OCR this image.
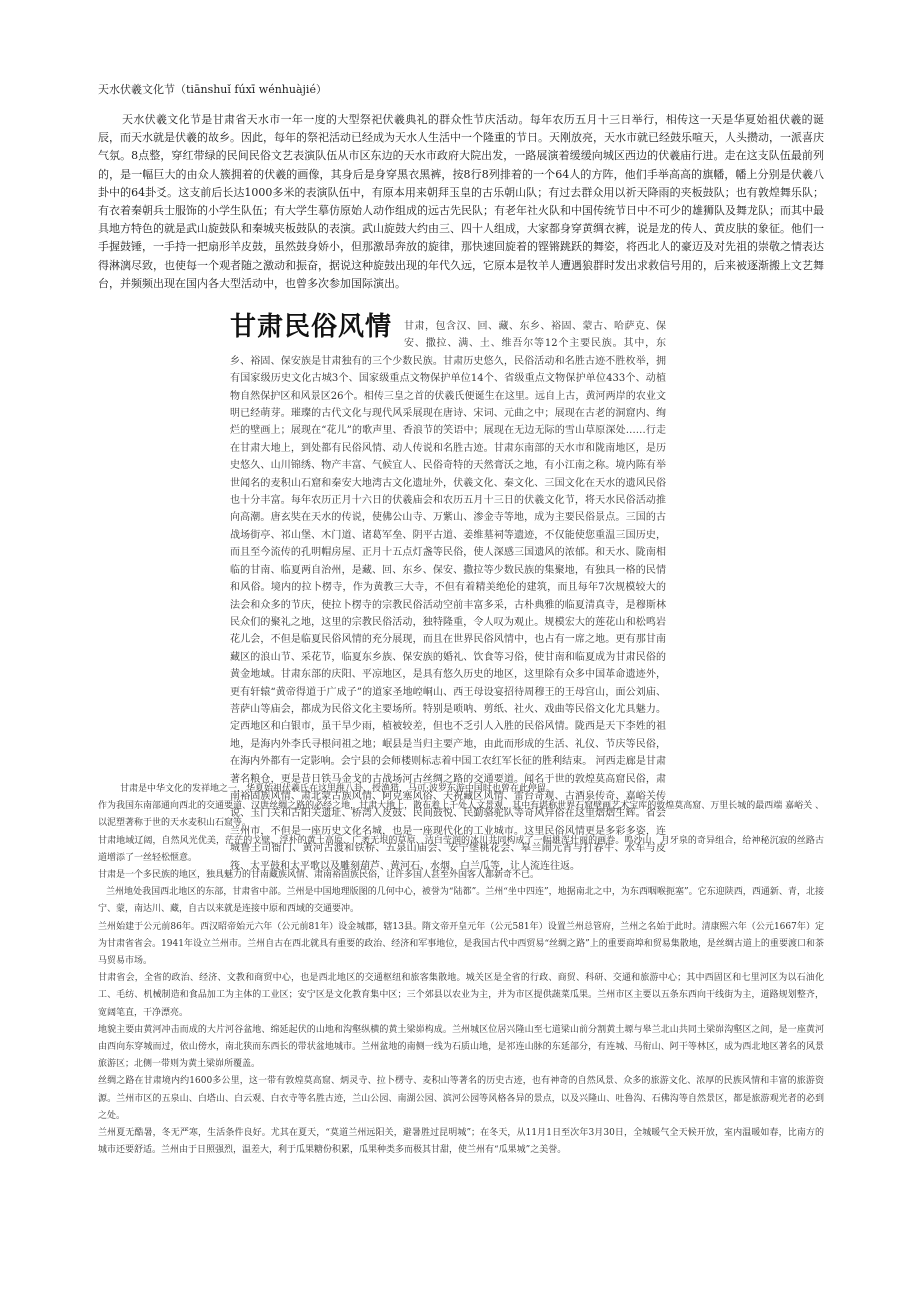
天水伏羲文化节（tiānshuǐ fúxī wénhuàjié）

天水伏羲文化节是甘肃省天水市一年一度的大型祭祀伏羲典礼的群众性节庆活动。每年农历五月十三日举行，相传这一天是华夏始祖伏羲的诞辰，而天水就是伏羲的故乡。因此，每年的祭祀活动已经成为天水人生活中一个隆重的节日。天刚放亮，天水市就已经鼓乐喧天，人头攒动，一派喜庆气氛。8点整，穿红带绿的民间民俗文艺表演队伍从市区东边的天水市政府大院出发，一路展演着缓缓向城区西边的伏羲庙行进。走在这支队伍最前列的，是一幅巨大的由众人簇拥着的伏羲的画像，其身后是身穿黑衣黑裤，按8行8列排着的一个64人的方阵，他们手举高高的旗幡，幡上分别是伏羲八卦中的64卦爻。这支前后长达1000多米的表演队伍中，有原本用来朝拜玉皇的古乐朝山队；有过去群众用以祈天降雨的夹板鼓队；也有敦煌舞乐队；有衣着秦朝兵士服饰的小学生队伍；有大学生摹仿原始人动作组成的远古先民队；有老年社火队和中国传统节日中不可少的雄狮队及舞龙队；而其中最具地方特色的就是武山旋鼓队和秦城夹板鼓队的表演。武山旋鼓大约由三、四十人组成，大家都身穿黄绸衣裤，说是龙的传人、黄皮肤的象征。他们一手握鼓锤，一手持一把扇形羊皮鼓，虽然鼓身娇小，但那激昂奔放的旋律，那快速回旋着的铿锵跳跃的舞姿，将西北人的豪迈及对先祖的崇敬之情表达得淋漓尽致，也使每一个观者随之激动和振奋，据说这种旋鼓出现的年代久远，它原本是牧羊人遭遇狼群时发出求救信号用的，后来被逐渐搬上文艺舞台，并频频出现在国内各大型活动中，也曾多次参加国际演出。

甘肃民俗风情	甘肃，包含汉、回、藏、东乡、裕固、蒙古、哈萨克、保安、撒拉、满、土、维吾尔等12个主要民族。其中，东乡、裕固、保安族是甘肃独有的三个少数民族。甘肃历史悠久，民俗活动和名胜古迹不胜枚举，拥有国家级历史文化古城3个、国家级重点文物保护单位14个、省级重点文物保护单位433个、动植物自然保护区和风景区26个。相传三皇之首的伏羲氏便诞生在这里。远自上古，黄河两岸的农业文明已经萌芽。璀璨的古代文化与现代风采展现在唐诗、宋词、元曲之中；展现在古老的洞窟内、绚烂的壁画上；展现在“花儿”的歌声里、香浪节的笑语中；展现在无边无际的雪山草原深处……行走在甘肃大地上，到处都有民俗风情、动人传说和名胜古迹。甘肃东南部的天水市和陇南地区，是历史悠久、山川锦绣、物产丰富、气候宜人、民俗奇特的天然膏沃之地，有小江南之称。境内陈有举世闻名的麦积山石窟和秦安大地湾古文化遗址外，伏羲文化、秦文化、三国文化在天水的遗风民俗也十分丰富。每年农历正月十六日的伏羲庙会和农历五月十三日的伏羲文化节，将天水民俗活动推向高潮。唐玄奘在天水的传说，使佛公山寺、万紫山、渗金寺等地，成为主要民俗景点。三国的古战场街亭、祁山堡、木门道、诸葛军垒、阴平古道、姜维墓祠等遗迹，不仅能使您重温三国历史，而且至今流传的孔明帽房屋、正月十五点灯盏等民俗，使人深感三国遗风的浓郁。和天水、陇南相临的甘南、临夏两自治州，是藏、回、东乡、保安、撒拉等少数民族的集聚地，有独具一格的民情和风俗。境内的拉卜楞寺，作为黄教三大寺，不但有着精美绝伦的建筑，而且每年7次规模较大的法会和众多的节庆，使拉卜楞寺的宗教民俗活动空前丰富多采，古朴典雅的临夏清真寺，是穆斯林民众们的聚礼之地，这里的宗教民俗活动，独特隆重，令人叹为观止。规模宏大的莲花山和松鸣岩花儿会，不但是临夏民俗风情的充分展现，而且在世界民俗风情中，也占有一席之地。更有那甘南藏区的浪山节、采花节，临夏东乡族、保安族的婚礼、饮食等习俗，使甘南和临夏成为甘肃民俗的黄金地域。甘肃东部的庆阳、平凉地区，是具有悠久历史的地区，这里除有众多中国革命遗迹外，更有轩辕“黄帝得道于广成子”的道家圣地崆峒山、西王母设宴招待周穆王的王母宫山，面公刘庙、菩萨山等庙会，都成为民俗文化主要场所。特别是唢呐、剪纸、社火、戏曲等民俗文化尤具魅力。定西地区和白银市，虽干旱少雨，植被较差，但也不乏引人入胜的民俗风情。陇西是天下李姓的祖地，是海内外李氏寻根问祖之地；岷县是当归主要产地，由此而形成的生活、礼仪、节庆等民俗，在海内外都有一定影响。会宁县的会师楼则标志着中国工农红军长征的胜利结束。 河西走廊是甘肃著名粮仓，更是昔日铁马金戈的古战场河古丝绸之路的交通要道。闻名于世的敦煌莫高窟民俗，肃南裕固族风情、肃北蒙古族风情、阿克塞风俗、天祝藏区风情、雷台奇观、古酒泉传奇、嘉峪关传说、玉门关和古阳关遗址、桥湾人皮鼓、民间鼓悦、民勤骆驼队等奇风异俗在这里熠熠生辉。省会兰州市，不但是一座历史文化名城，也是一座现代化的工业城市。这里民俗风情更是多彩多姿，连城鲁土司衙门、黄河古渡和铁桥、五泉山庙会、安宁堡桃花会、皋兰闹元宵与打春牛、水车与皮筏、太平鼓和太平歌以及雕刻葫芦、黄河石、水烟、白兰瓜等，让人流连往返。

甘肃是中华文化的发祥地之一，华夏始祖伏羲氏在这里推八卦、授渔猎，马可·波罗东游中国时也曾在此停留。

作为我国东南部通向西北的交通要道、汉唐丝绸之路的必经之地，甘肃大地上，散布着上千处人文景观，其中有堪称世界石窟壁画艺术宝库的敦煌莫高窟、万里长城的最西端 嘉峪关 、以泥塑著称于世的天水麦积山石窟等。

甘肃地域辽阔，自然风光优美，茫茫的戈壁、浮朴的黄土高原、广袤无垠的草原、洁白莹润的冰川共同构成了一幅雄浑壮丽的画卷。鸣沙山、月牙泉的奇异组合，给神秘沉寂的丝路古道增添了一丝轻松惬意。

甘肃是一个多民族的地区，独具魅力的甘南藏族风情、肃南裕固族民俗，让许多国人甚至外国客人都新奇不已。

兰州地处我国西北地区的东部，甘肃省中部。兰州是中国地理版图的几何中心，被誉为“陆都”。兰州“坐中四连”，地据南北之中，为东西咽喉扼塞”。它东迎陕西，西通新、青，北接宁、蒙，南达川、藏，自古以来就是连接中原和西域的交通要冲。

兰州始建于公元前86年。西汉昭帝始元六年（公元前81年）设金城郡，辖13县。隋文帝开皇元年（公元581年）设置兰州总管府，兰州之名始于此时。清康熙六年（公元1667年）定为甘肃省省会。1941年设立兰州市。兰州自古在西北就具有重要的政治、经济和军事地位，是我国古代中西贸易“丝绸之路”上的重要商埠和贸易集散地，是丝绸古道上的重要渡口和茶马贸易市场。

甘肃省会，全省的政治、经济、文教和商贸中心，也是西北地区的交通枢纽和旅客集散地。城关区是全省的行政、商贸、科研、交通和旅游中心；其中西固区和七里河区为以石油化工、毛纺、机械制造和食品加工为主体的工业区；安宁区是文化教育集中区；三个郊县以农业为主，并为市区提供蔬菜瓜果。兰州市区主要以五条东西向干线街为主，道路规划整齐，宽阔笔直，干净漂亮。

地貌主要由黄河冲击而成的大片河谷盆地、绵延起伏的山地和沟壑纵横的黄土梁峁构成。兰州城区位居兴隆山至七道梁山前分割黄土塬与皋兰北山共同土梁峁沟壑区之间，是一座黄河由西向东穿城而过，依山傍水，南北狭而东西长的带状盆地城市。兰州盆地的南侧一线为石质山地，是祁连山脉的东延部分，有连城、马衔山、阿干等林区，成为西北地区著名的风景旅游区；北侧一带则为黄土梁峁所覆盖。

丝绸之路在甘肃境内约1600多公里，这一带有敦煌莫高窟、炳灵寺、拉卜楞寺、麦积山等著名的历史古迹，也有神奇的自然风景、众多的旅游文化、浓厚的民族风情和丰富的旅游资源。兰州市区的五泉山、白塔山、白云观、白衣寺等名胜古迹，兰山公园、南湖公园、滨河公园等风格各异的景点，以及兴隆山、吐鲁沟、石佛沟等自然景区，都是旅游观光者的必到之处。

兰州夏无酷暑，冬无严寒，生活条件良好。尤其在夏天，“莫道兰州远阳关，避暑胜过昆明城”；在冬天，从11月1日至次年3月30日，全城暖气全天候开放，室内温暖如春，比南方的城市还要舒适。兰州由于日照强烈，温差大，利于瓜果糖份积累，瓜果种类多而极其甘甜，使兰州有“瓜果城”之美誉。
